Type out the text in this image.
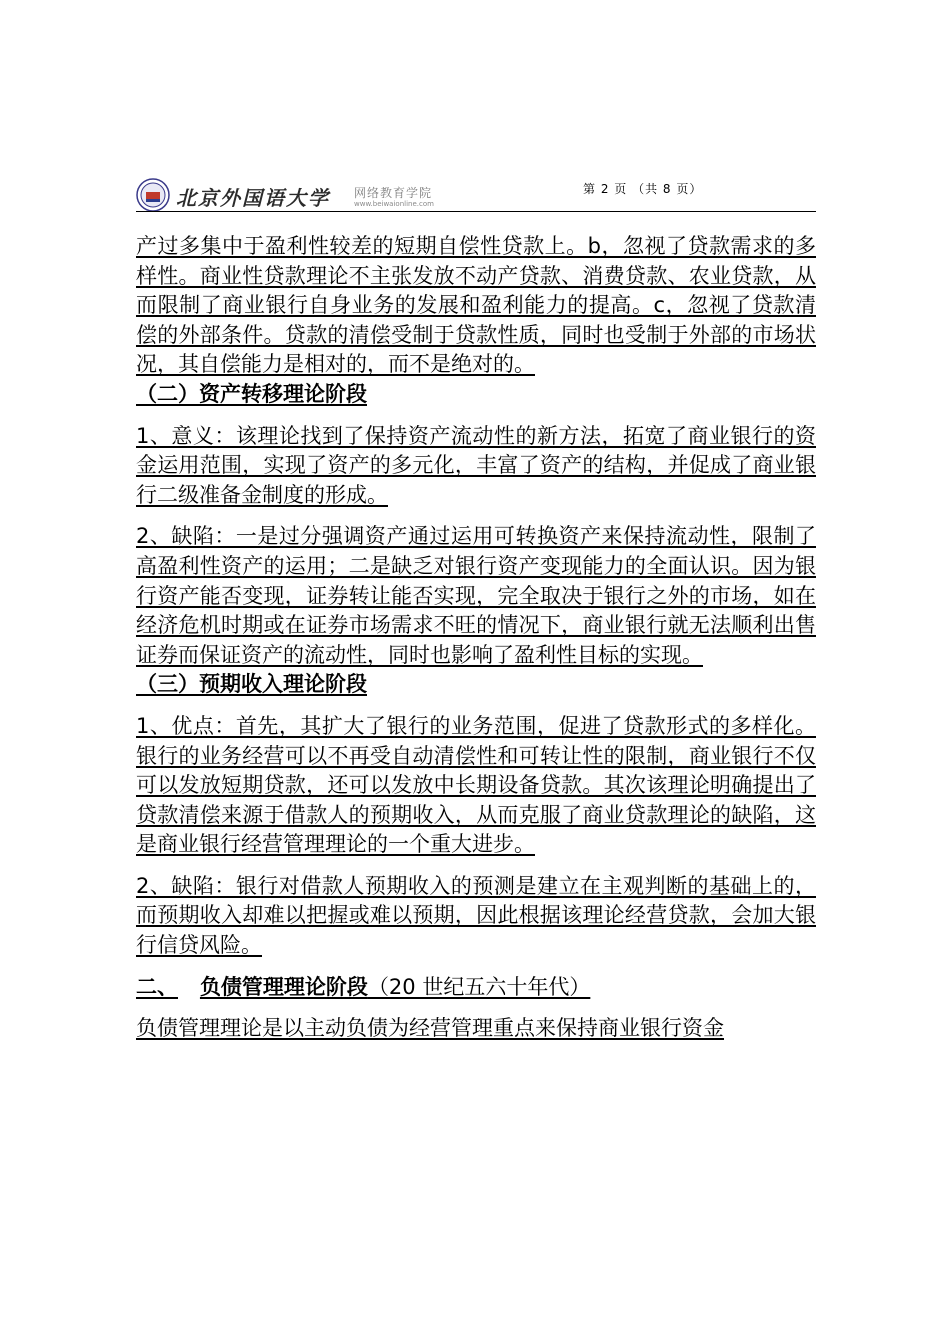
北京外国语大学 网络教育学院
www.beiwaionline.com
第 2 页 （共 8 页）

产过多集中于盈利性较差的短期自偿性贷款上。b，忽视了贷款需求的多样性。商业性贷款理论不主张发放不动产贷款、消费贷款、农业贷款，从而限制了商业银行自身业务的发展和盈利能力的提高。c，忽视了贷款清偿的外部条件。贷款的清偿受制于贷款性质，同时也受制于外部的市场状况，其自偿能力是相对的，而不是绝对的。

（二）资产转移理论阶段

1、意义：该理论找到了保持资产流动性的新方法，拓宽了商业银行的资金运用范围，实现了资产的多元化，丰富了资产的结构，并促成了商业银行二级准备金制度的形成。

2、缺陷：一是过分强调资产通过运用可转换资产来保持流动性，限制了高盈利性资产的运用；二是缺乏对银行资产变现能力的全面认识。因为银行资产能否变现，证券转让能否实现，完全取决于银行之外的市场，如在经济危机时期或在证券市场需求不旺的情况下，商业银行就无法顺利出售证券而保证资产的流动性，同时也影响了盈利性目标的实现。

（三）预期收入理论阶段

1、优点：首先，其扩大了银行的业务范围，促进了贷款形式的多样化。银行的业务经营可以不再受自动清偿性和可转让性的限制，商业银行不仅可以发放短期贷款，还可以发放中长期设备贷款。其次该理论明确提出了贷款清偿来源于借款人的预期收入，从而克服了商业贷款理论的缺陷，这是商业银行经营管理理论的一个重大进步。

2、缺陷：银行对借款人预期收入的预测是建立在主观判断的基础上的，而预期收入却难以把握或难以预期，因此根据该理论经营贷款，会加大银行信贷风险。

二、 负债管理理论阶段（20 世纪五六十年代）

负债管理理论是以主动负债为经营管理重点来保持商业银行资金
